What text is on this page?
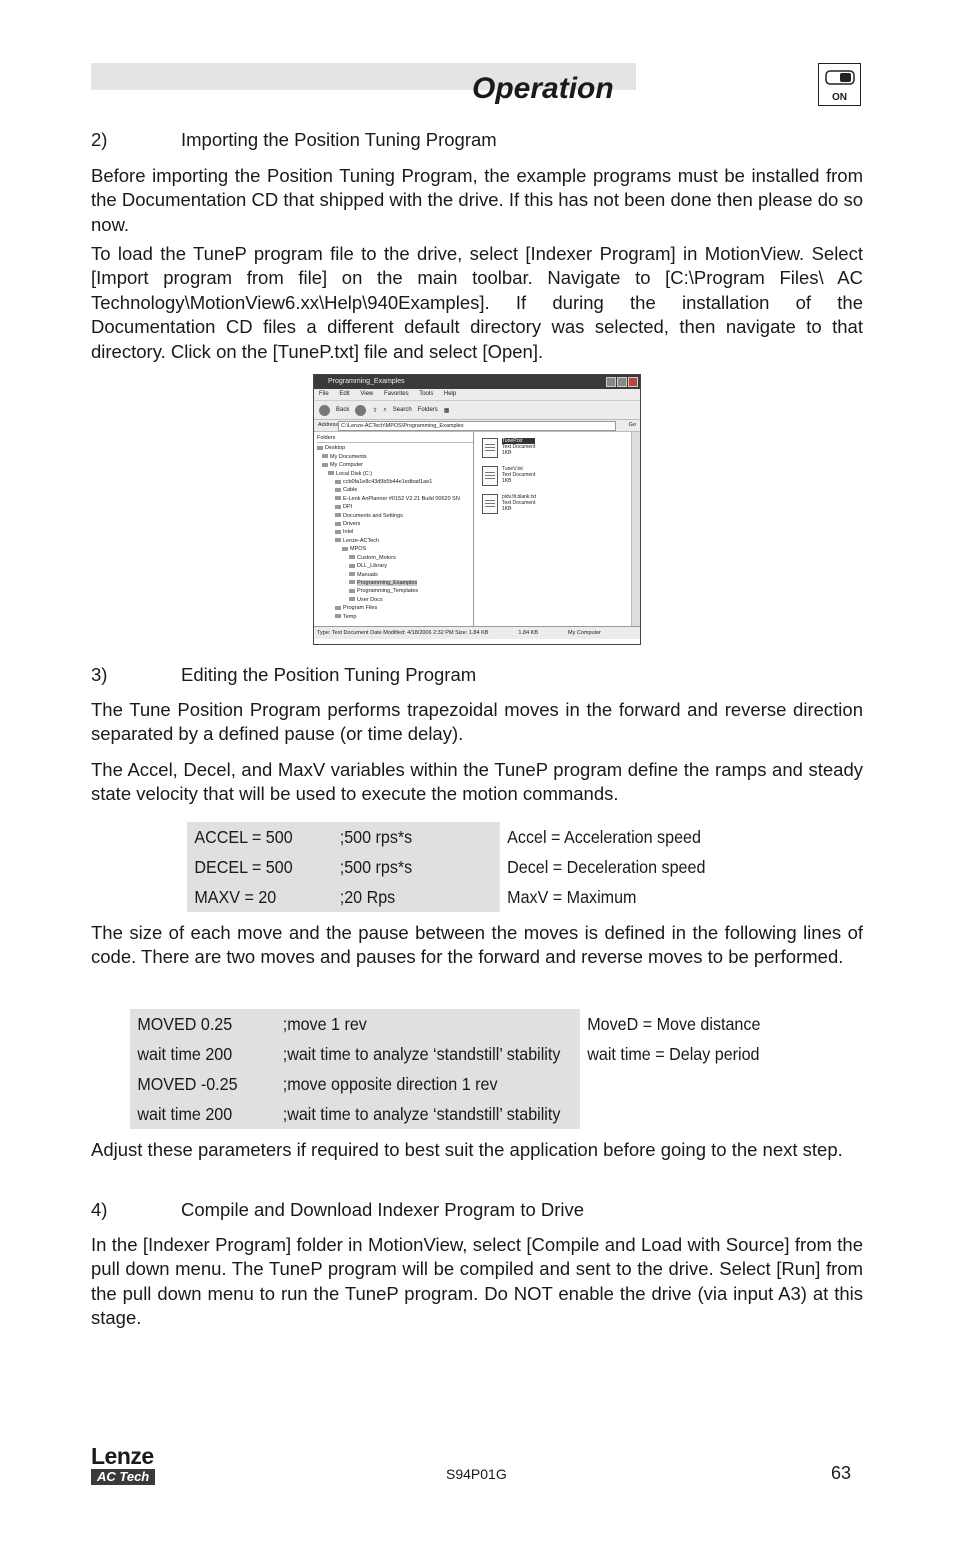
Operation	ON
2)	Importing the Position Tuning Program
Before importing the Position Tuning Program, the example programs must be installed from the Documentation CD that shipped with the drive. If this has not been done then please do so now.
To load the TuneP program file to the drive, select [Indexer Program] in MotionView. Select [Import program from file] on the main toolbar. Navigate to [C:\Program Files\ AC Technology\MotionView6.xx\Help\940Examples]. If during the installation of the Documentation CD files a different default directory was selected, then navigate to that directory. Click on the [TuneP.txt] file and select [Open].
Programming_Examples
File Edit View Favorites Tools Help
Back	⇧ ⌕ Search Folders ▦
Address C:\Lenze-ACTech\MPOS\Programming_Examples	Go
Folders
Desktop
My Documents
My Computer
Local Disk (C:)
ccb0fa1e8c43d9b5b44e1edbad1ae1
Cable
E-Lenk AnPlanner #0152 V2.21 Build 00620 SN
DPI
Documents and Settings
Drivers
Intel
Lenze-ACTech
MPOS
Custom_Motors
DLL_Library
Manuals
Programming_Examples
Programming_Templates
User Docs
Program Files
Temp
TuneP.txt
Text Document
1KB
TuneV.txt
Text Document
1KB
pidv.fit.blank.txt
Text Document
1KB
Type: Text Document Date Modified: 4/18/2006 2:32 PM Size: 1.84 KB	1.84 KB	My Computer
3)	Editing the Position Tuning Program
The Tune Position Program performs trapezoidal moves in the forward and reverse direction separated by a defined pause (or time delay).
The Accel, Decel, and MaxV variables within the TuneP program define the ramps and steady state velocity that will be used to execute the motion commands.
ACCEL = 500	;500 rps*s	Accel = Acceleration speed
DECEL = 500	;500 rps*s	Decel = Deceleration speed
MAXV = 20	;20 Rps	MaxV = Maximum
The size of each move and the pause between the moves is defined in the following lines of code. There are two moves and pauses for the forward and reverse moves to be performed.
MOVED 0.25	;move 1 rev	MoveD = Move distance
wait time 200	;wait time to analyze ‘standstill’ stability	wait time = Delay period
MOVED -0.25	;move opposite direction 1 rev	
wait time 200	;wait time to analyze ‘standstill’ stability	
Adjust these parameters if required to best suit the application before going to the next step.
4)	Compile and Download Indexer Program to Drive
In the [Indexer Program] folder in MotionView, select [Compile and Load with Source] from the pull down menu. The TuneP program will be compiled and sent to the drive. Select [Run] from the pull down menu to run the TuneP program. Do NOT enable the drive (via input A3) at this stage.
Lenze
AC Tech	S94P01G	63
